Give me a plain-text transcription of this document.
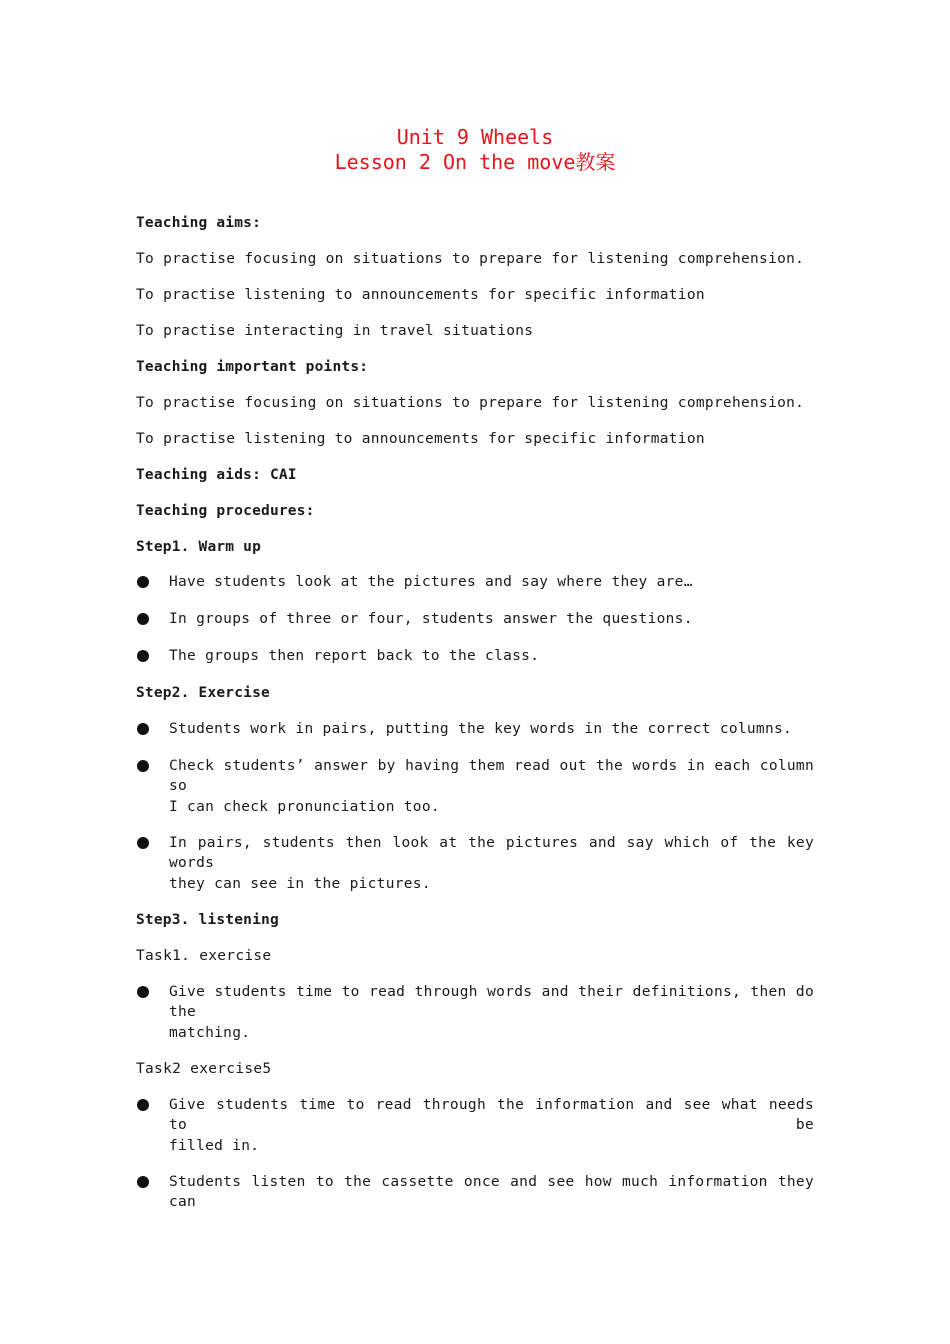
Unit 9 Wheels
Lesson 2 On the move教案
Teaching aims:
To practise focusing on situations to prepare for listening comprehension.
To practise listening to announcements for specific information
To practise interacting in travel situations
Teaching important points:
To practise focusing on situations to prepare for listening comprehension.
To practise listening to announcements for specific information
Teaching aids: CAI
Teaching procedures:
Step1. Warm up
Have students look at the pictures and say where they are…
In groups of three or four, students answer the questions.
The groups then report back to the class.
Step2. Exercise
Students work in pairs, putting the key words in the correct columns.
Check students’ answer by having them read out the words in each column so
I can check pronunciation too.
In pairs, students then look at the pictures and say which of the key words
they can see in the pictures.
Step3. listening
Task1. exercise
Give students time to read through words and their definitions, then do the
matching.
Task2 exercise5
Give students time to read through the information and see what needs to be
filled in.
Students listen to the cassette once and see how much information they can
